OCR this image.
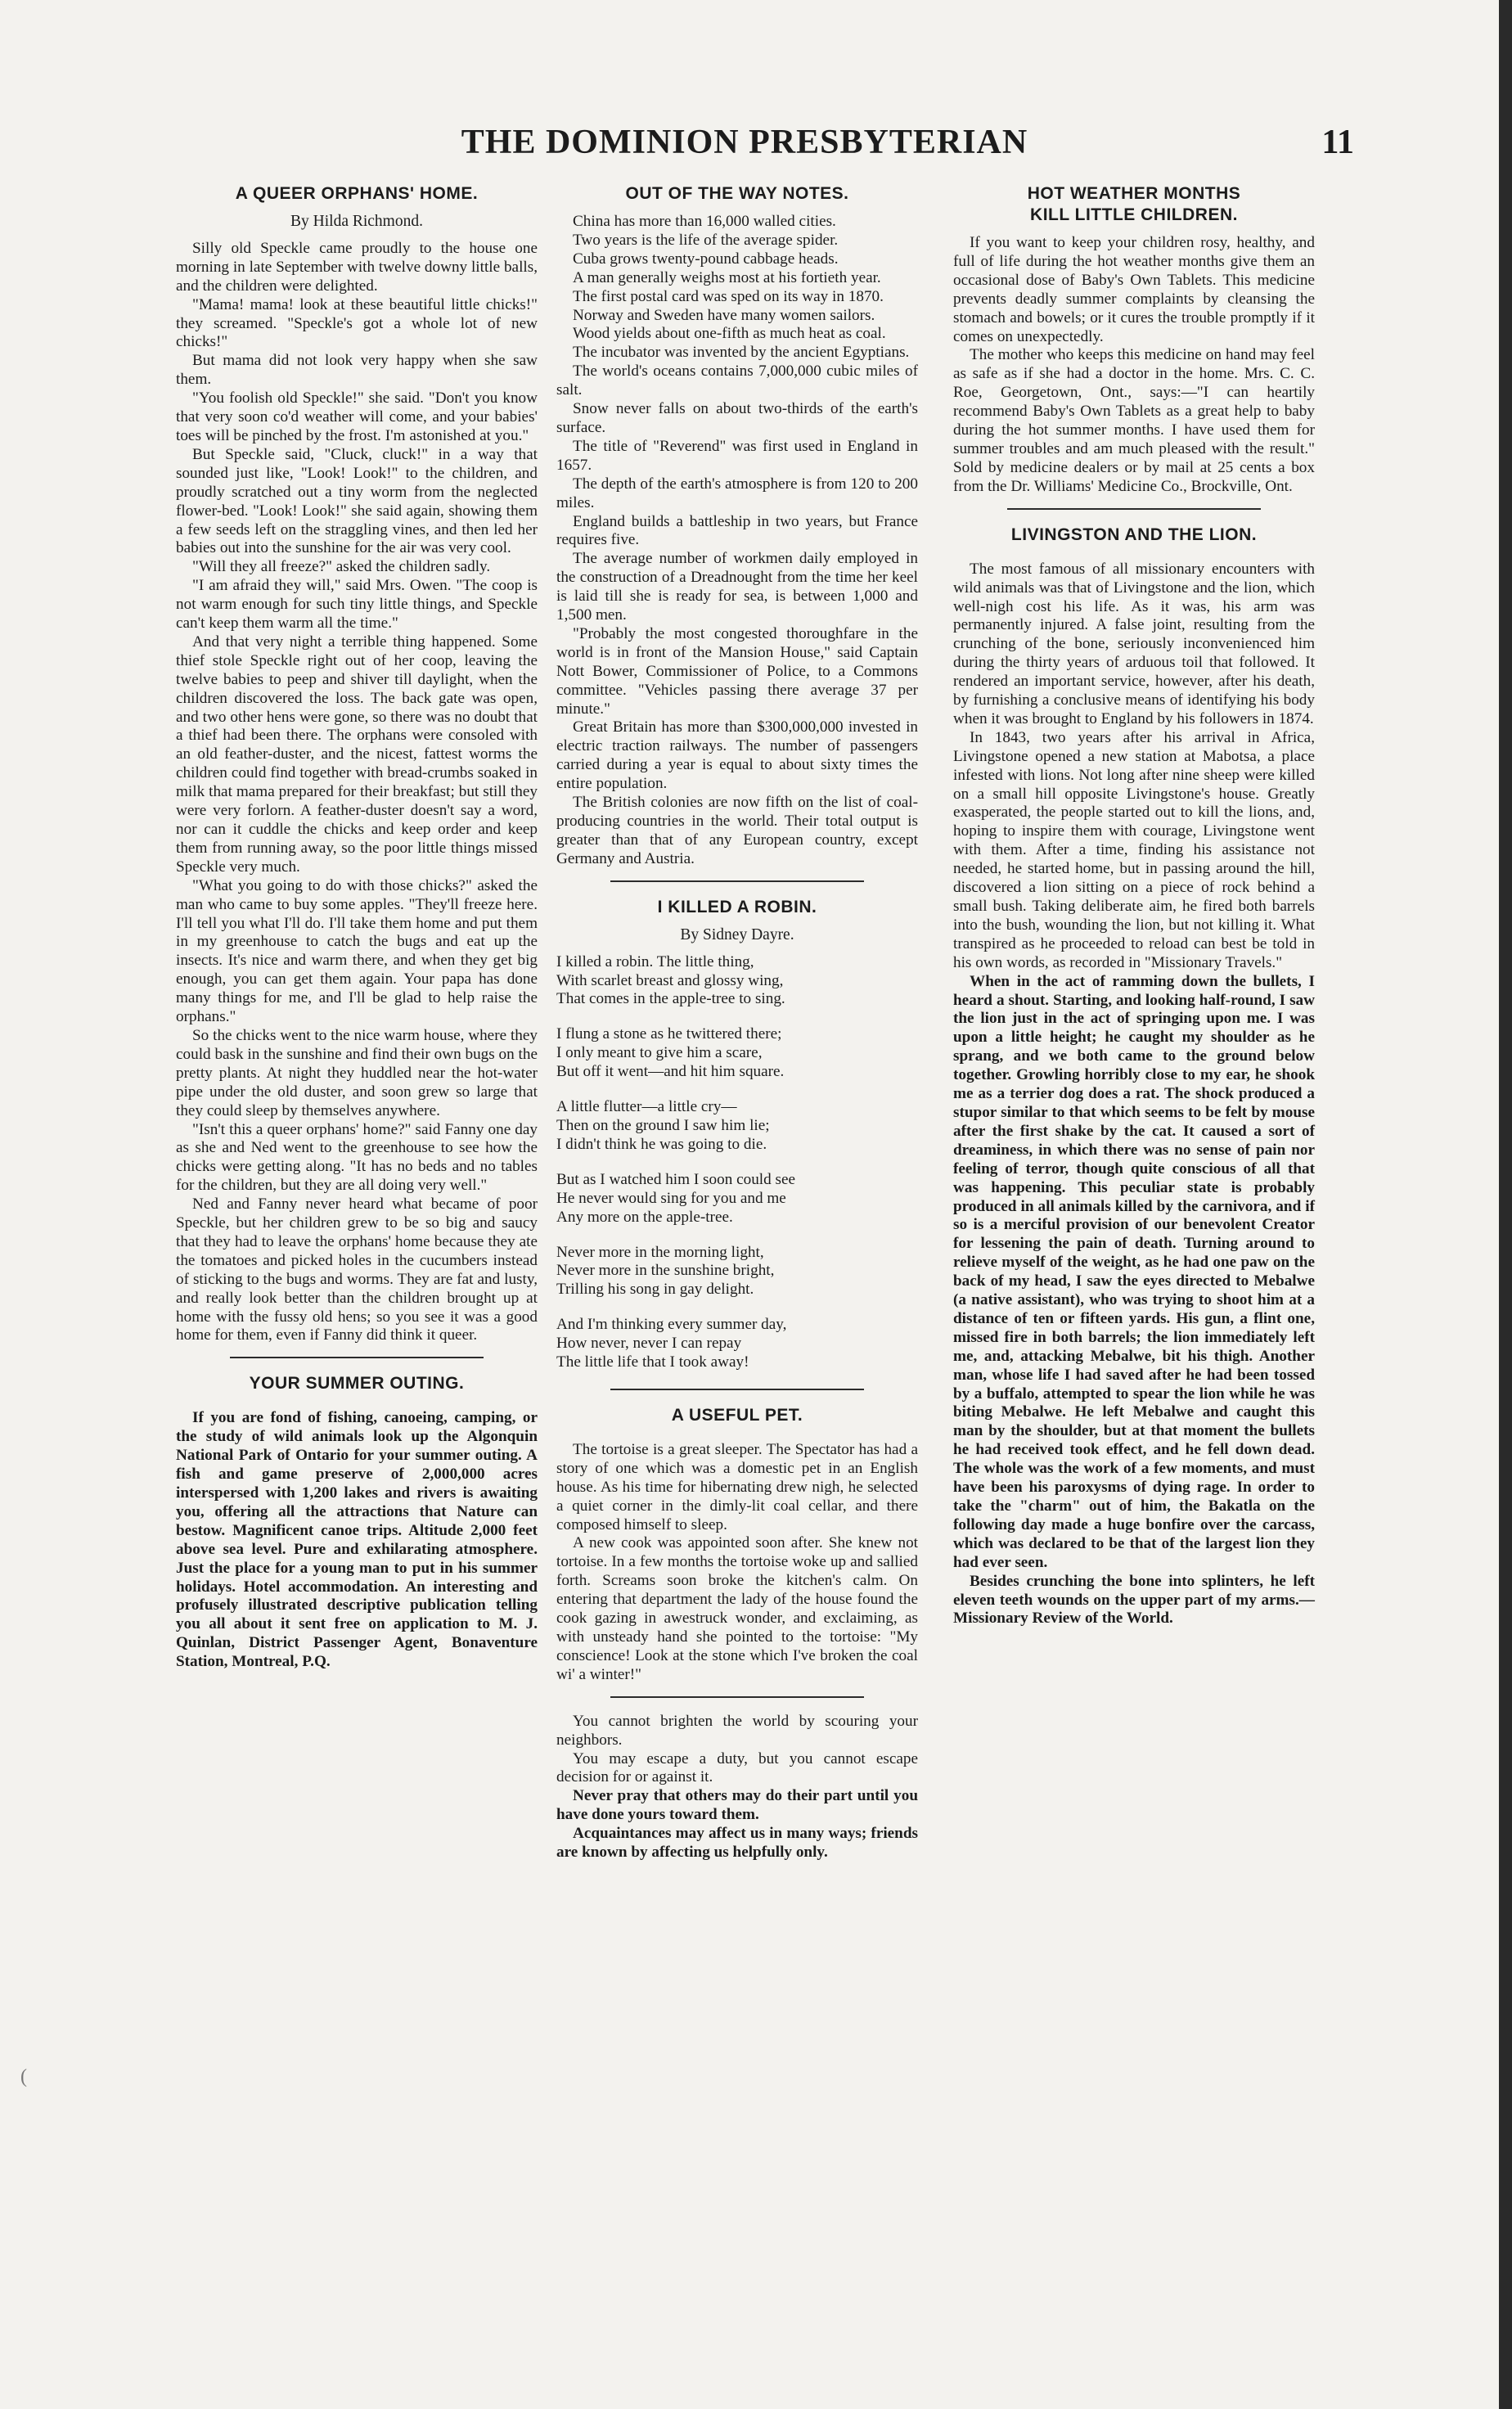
THE DOMINION PRESBYTERIAN	11
A QUEER ORPHANS' HOME.
By Hilda Richmond.

Silly old Speckle came proudly to the house one morning in late September with twelve downy little balls, and the children were delighted.

"Mama! mama! look at these beautiful little chicks!" they screamed. "Speckle's got a whole lot of new chicks!"

But mama did not look very happy when she saw them.

"You foolish old Speckle!" she said. "Don't you know that very soon co'd weather will come, and your babies' toes will be pinched by the frost. I'm astonished at you."

But Speckle said, "Cluck, cluck!" in a way that sounded just like, "Look! Look!" to the children, and proudly scratched out a tiny worm from the neglected flower-bed. "Look! Look!" she said again, showing them a few seeds left on the straggling vines, and then led her babies out into the sunshine for the air was very cool.

"Will they all freeze?" asked the children sadly.

"I am afraid they will," said Mrs. Owen. "The coop is not warm enough for such tiny little things, and Speckle can't keep them warm all the time."

And that very night a terrible thing happened. Some thief stole Speckle right out of her coop, leaving the twelve babies to peep and shiver till daylight, when the children discovered the loss. The back gate was open, and two other hens were gone, so there was no doubt that a thief had been there. The orphans were consoled with an old feather-duster, and the nicest, fattest worms the children could find together with bread-crumbs soaked in milk that mama prepared for their breakfast; but still they were very forlorn. A feather-duster doesn't say a word, nor can it cuddle the chicks and keep order and keep them from running away, so the poor little things missed Speckle very much.

"What you going to do with those chicks?" asked the man who came to buy some apples. "They'll freeze here. I'll tell you what I'll do. I'll take them home and put them in my greenhouse to catch the bugs and eat up the insects. It's nice and warm there, and when they get big enough, you can get them again. Your papa has done many things for me, and I'll be glad to help raise the orphans."

So the chicks went to the nice warm house, where they could bask in the sunshine and find their own bugs on the pretty plants. At night they huddled near the hot-water pipe under the old duster, and soon grew so large that they could sleep by themselves anywhere.

"Isn't this a queer orphans' home?" said Fanny one day as she and Ned went to the greenhouse to see how the chicks were getting along. "It has no beds and no tables for the children, but they are all doing very well."

Ned and Fanny never heard what became of poor Speckle, but her children grew to be so big and saucy that they had to leave the orphans' home because they ate the tomatoes and picked holes in the cucumbers instead of sticking to the bugs and worms. They are fat and lusty, and really look better than the children brought up at home with the fussy old hens; so you see it was a good home for them, even if Fanny did think it queer.

YOUR SUMMER OUTING.

If you are fond of fishing, canoeing, camping, or the study of wild animals look up the Algonquin National Park of Ontario for your summer outing. A fish and game preserve of 2,000,000 acres interspersed with 1,200 lakes and rivers is awaiting you, offering all the attractions that Nature can bestow. Magnificent canoe trips. Altitude 2,000 feet above sea level. Pure and exhilarating atmosphere. Just the place for a young man to put in his summer holidays. Hotel accommodation. An interesting and profusely illustrated descriptive publication telling you all about it sent free on application to M. J. Quinlan, District Passenger Agent, Bonaventure Station, Montreal, P.Q.

OUT OF THE WAY NOTES.

China has more than 16,000 walled cities.

Two years is the life of the average spider.

Cuba grows twenty-pound cabbage heads.

A man generally weighs most at his fortieth year.

The first postal card was sped on its way in 1870.

Norway and Sweden have many women sailors.

Wood yields about one-fifth as much heat as coal.

The incubator was invented by the ancient Egyptians.

The world's oceans contains 7,000,000 cubic miles of salt.

Snow never falls on about two-thirds of the earth's surface.

The title of "Reverend" was first used in England in 1657.

The depth of the earth's atmosphere is from 120 to 200 miles.

England builds a battleship in two years, but France requires five.

The average number of workmen daily employed in the construction of a Dreadnought from the time her keel is laid till she is ready for sea, is between 1,000 and 1,500 men.

"Probably the most congested thoroughfare in the world is in front of the Mansion House," said Captain Nott Bower, Commissioner of Police, to a Commons committee. "Vehicles passing there average 37 per minute."

Great Britain has more than $300,000,000 invested in electric traction railways. The number of passengers carried during a year is equal to about sixty times the entire population.

The British colonies are now fifth on the list of coal-producing countries in the world. Their total output is greater than that of any European country, except Germany and Austria.

I KILLED A ROBIN.
By Sidney Dayre.
I killed a robin. The little thing,
With scarlet breast and glossy wing,
That comes in the apple-tree to sing.
I flung a stone as he twittered there;
I only meant to give him a scare,
But off it went—and hit him square.
A little flutter—a little cry—
Then on the ground I saw him lie;
I didn't think he was going to die.
But as I watched him I soon could see
He never would sing for you and me
Any more on the apple-tree.
Never more in the morning light,
Never more in the sunshine bright,
Trilling his song in gay delight.
And I'm thinking every summer day,
How never, never I can repay
The little life that I took away!
A USEFUL PET.

The tortoise is a great sleeper. The Spectator has had a story of one which was a domestic pet in an English house. As his time for hibernating drew nigh, he selected a quiet corner in the dimly-lit coal cellar, and there composed himself to sleep.

A new cook was appointed soon after. She knew not tortoise. In a few months the tortoise woke up and sallied forth. Screams soon broke the kitchen's calm. On entering that department the lady of the house found the cook gazing in awestruck wonder, and exclaiming, as with unsteady hand she pointed to the tortoise: "My conscience! Look at the stone which I've broken the coal wi' a winter!"

You cannot brighten the world by scouring your neighbors.

You may escape a duty, but you cannot escape decision for or against it.

Never pray that others may do their part until you have done yours toward them.

Acquaintances may affect us in many ways; friends are known by affecting us helpfully only.

HOT WEATHER MONTHS
KILL LITTLE CHILDREN.

If you want to keep your children rosy, healthy, and full of life during the hot weather months give them an occasional dose of Baby's Own Tablets. This medicine prevents deadly summer complaints by cleansing the stomach and bowels; or it cures the trouble promptly if it comes on unexpectedly.

The mother who keeps this medicine on hand may feel as safe as if she had a doctor in the home. Mrs. C. C. Roe, Georgetown, Ont., says:—"I can heartily recommend Baby's Own Tablets as a great help to baby during the hot summer months. I have used them for summer troubles and am much pleased with the result." Sold by medicine dealers or by mail at 25 cents a box from the Dr. Williams' Medicine Co., Brockville, Ont.

LIVINGSTON AND THE LION.

The most famous of all missionary encounters with wild animals was that of Livingstone and the lion, which well-nigh cost his life. As it was, his arm was permanently injured. A false joint, resulting from the crunching of the bone, seriously inconvenienced him during the thirty years of arduous toil that followed. It rendered an important service, however, after his death, by furnishing a conclusive means of identifying his body when it was brought to England by his followers in 1874.

In 1843, two years after his arrival in Africa, Livingstone opened a new station at Mabotsa, a place infested with lions. Not long after nine sheep were killed on a small hill opposite Livingstone's house. Greatly exasperated, the people started out to kill the lions, and, hoping to inspire them with courage, Livingstone went with them. After a time, finding his assistance not needed, he started home, but in passing around the hill, discovered a lion sitting on a piece of rock behind a small bush. Taking deliberate aim, he fired both barrels into the bush, wounding the lion, but not killing it. What transpired as he proceeded to reload can best be told in his own words, as recorded in "Missionary Travels."

When in the act of ramming down the bullets, I heard a shout. Starting, and looking half-round, I saw the lion just in the act of springing upon me. I was upon a little height; he caught my shoulder as he sprang, and we both came to the ground below together. Growling horribly close to my ear, he shook me as a terrier dog does a rat. The shock produced a stupor similar to that which seems to be felt by mouse after the first shake by the cat. It caused a sort of dreaminess, in which there was no sense of pain nor feeling of terror, though quite conscious of all that was happening. This peculiar state is probably produced in all animals killed by the carnivora, and if so is a merciful provision of our benevolent Creator for lessening the pain of death. Turning around to relieve myself of the weight, as he had one paw on the back of my head, I saw the eyes directed to Mebalwe (a native assistant), who was trying to shoot him at a distance of ten or fifteen yards. His gun, a flint one, missed fire in both barrels; the lion immediately left me, and, attacking Mebalwe, bit his thigh. Another man, whose life I had saved after he had been tossed by a buffalo, attempted to spear the lion while he was biting Mebalwe. He left Mebalwe and caught this man by the shoulder, but at that moment the bullets he had received took effect, and he fell down dead. The whole was the work of a few moments, and must have been his paroxysms of dying rage. In order to take the "charm" out of him, the Bakatla on the following day made a huge bonfire over the carcass, which was declared to be that of the largest lion they had ever seen.

Besides crunching the bone into splinters, he left eleven teeth wounds on the upper part of my arms.—Missionary Review of the World.

(
